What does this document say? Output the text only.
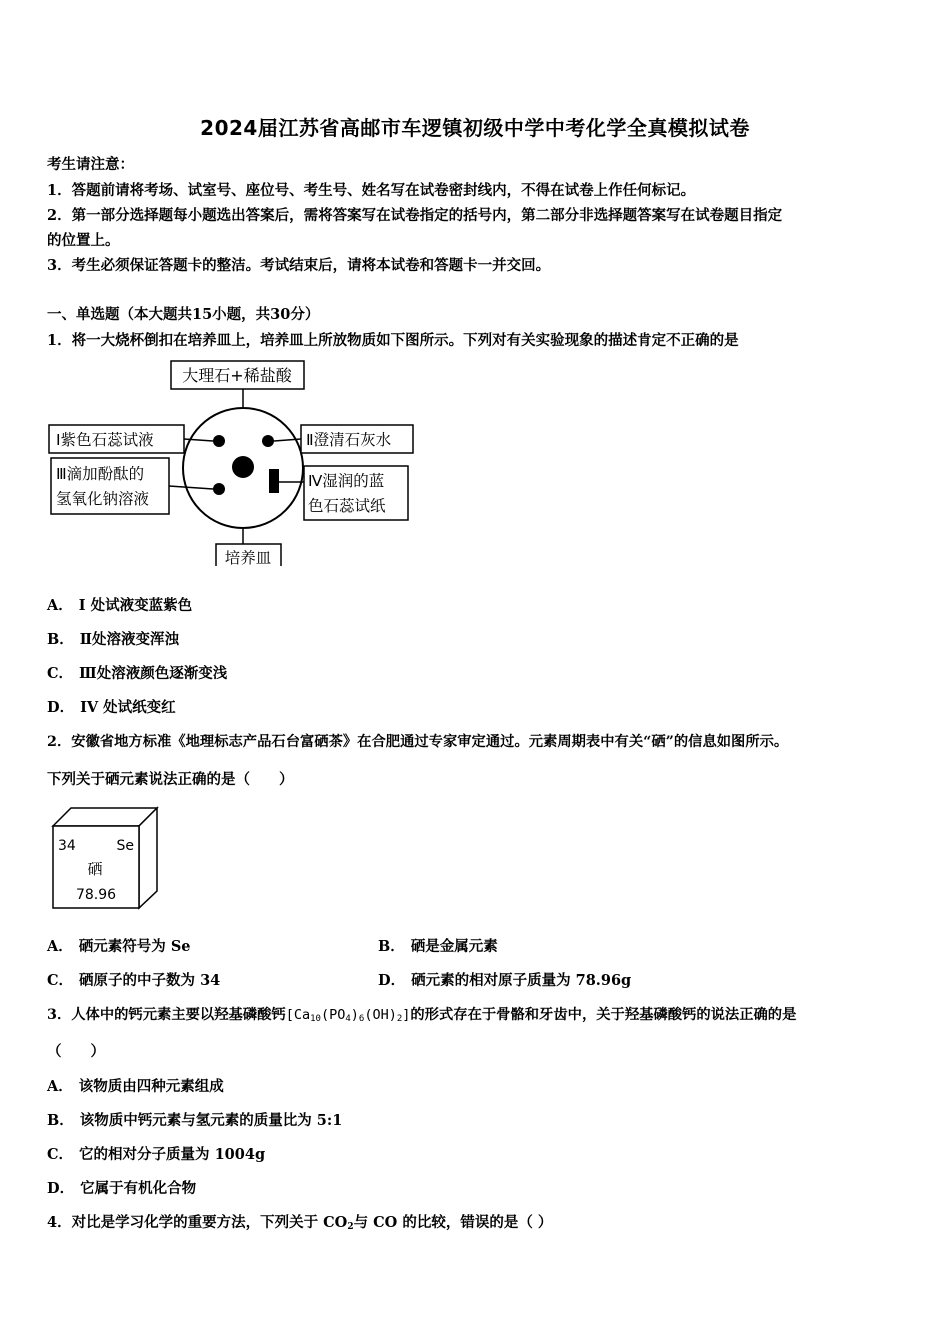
2024届江苏省高邮市车逻镇初级中学中考化学全真模拟试卷
考生请注意：
1．答题前请将考场、试室号、座位号、考生号、姓名写在试卷密封线内，不得在试卷上作任何标记。
2．第一部分选择题每小题选出答案后，需将答案写在试卷指定的括号内，第二部分非选择题答案写在试卷题目指定
的位置上。
3．考生必须保证答题卡的整洁。考试结束后，请将本试卷和答题卡一并交回。
一、单选题（本大题共15小题，共30分）
1．将一大烧杯倒扣在培养皿上，培养皿上所放物质如下图所示。下列对有关实验现象的描述肯定不正确的是
大理石+稀盐酸
Ⅰ紫色石蕊试液	Ⅱ澄清石灰水
Ⅲ滴加酚酞的
氢氧化钠溶液
Ⅳ湿润的蓝
色石蕊试纸
培养皿
A． I 处试液变蓝紫色
B． Ⅱ处溶液变浑浊
C． Ⅲ处溶液颜色逐渐变浅
D． IV 处试纸变红
2．安徽省地方标准《地理标志产品石台富硒茶》在合肥通过专家审定通过。元素周期表中有关“硒”的信息如图所示。
下列关于硒元素说法正确的是（　　）
34	Se
硒
78.96
A． 硒元素符号为 Se	B． 硒是金属元素
C． 硒原子的中子数为 34	D． 硒元素的相对原子质量为 78.96g
3．人体中的钙元素主要以羟基磷酸钙$[Ca_{10}(PO_4)_6(OH)_2]$的形式存在于骨骼和牙齿中，关于羟基磷酸钙的说法正确的是
（　　）
A． 该物质由四种元素组成
B． 该物质中钙元素与氢元素的质量比为 5:1
C． 它的相对分子质量为 1004g
D． 它属于有机化合物
4．对比是学习化学的重要方法，下列关于 $CO_2$与 CO 的比较，错误的是（ ）
